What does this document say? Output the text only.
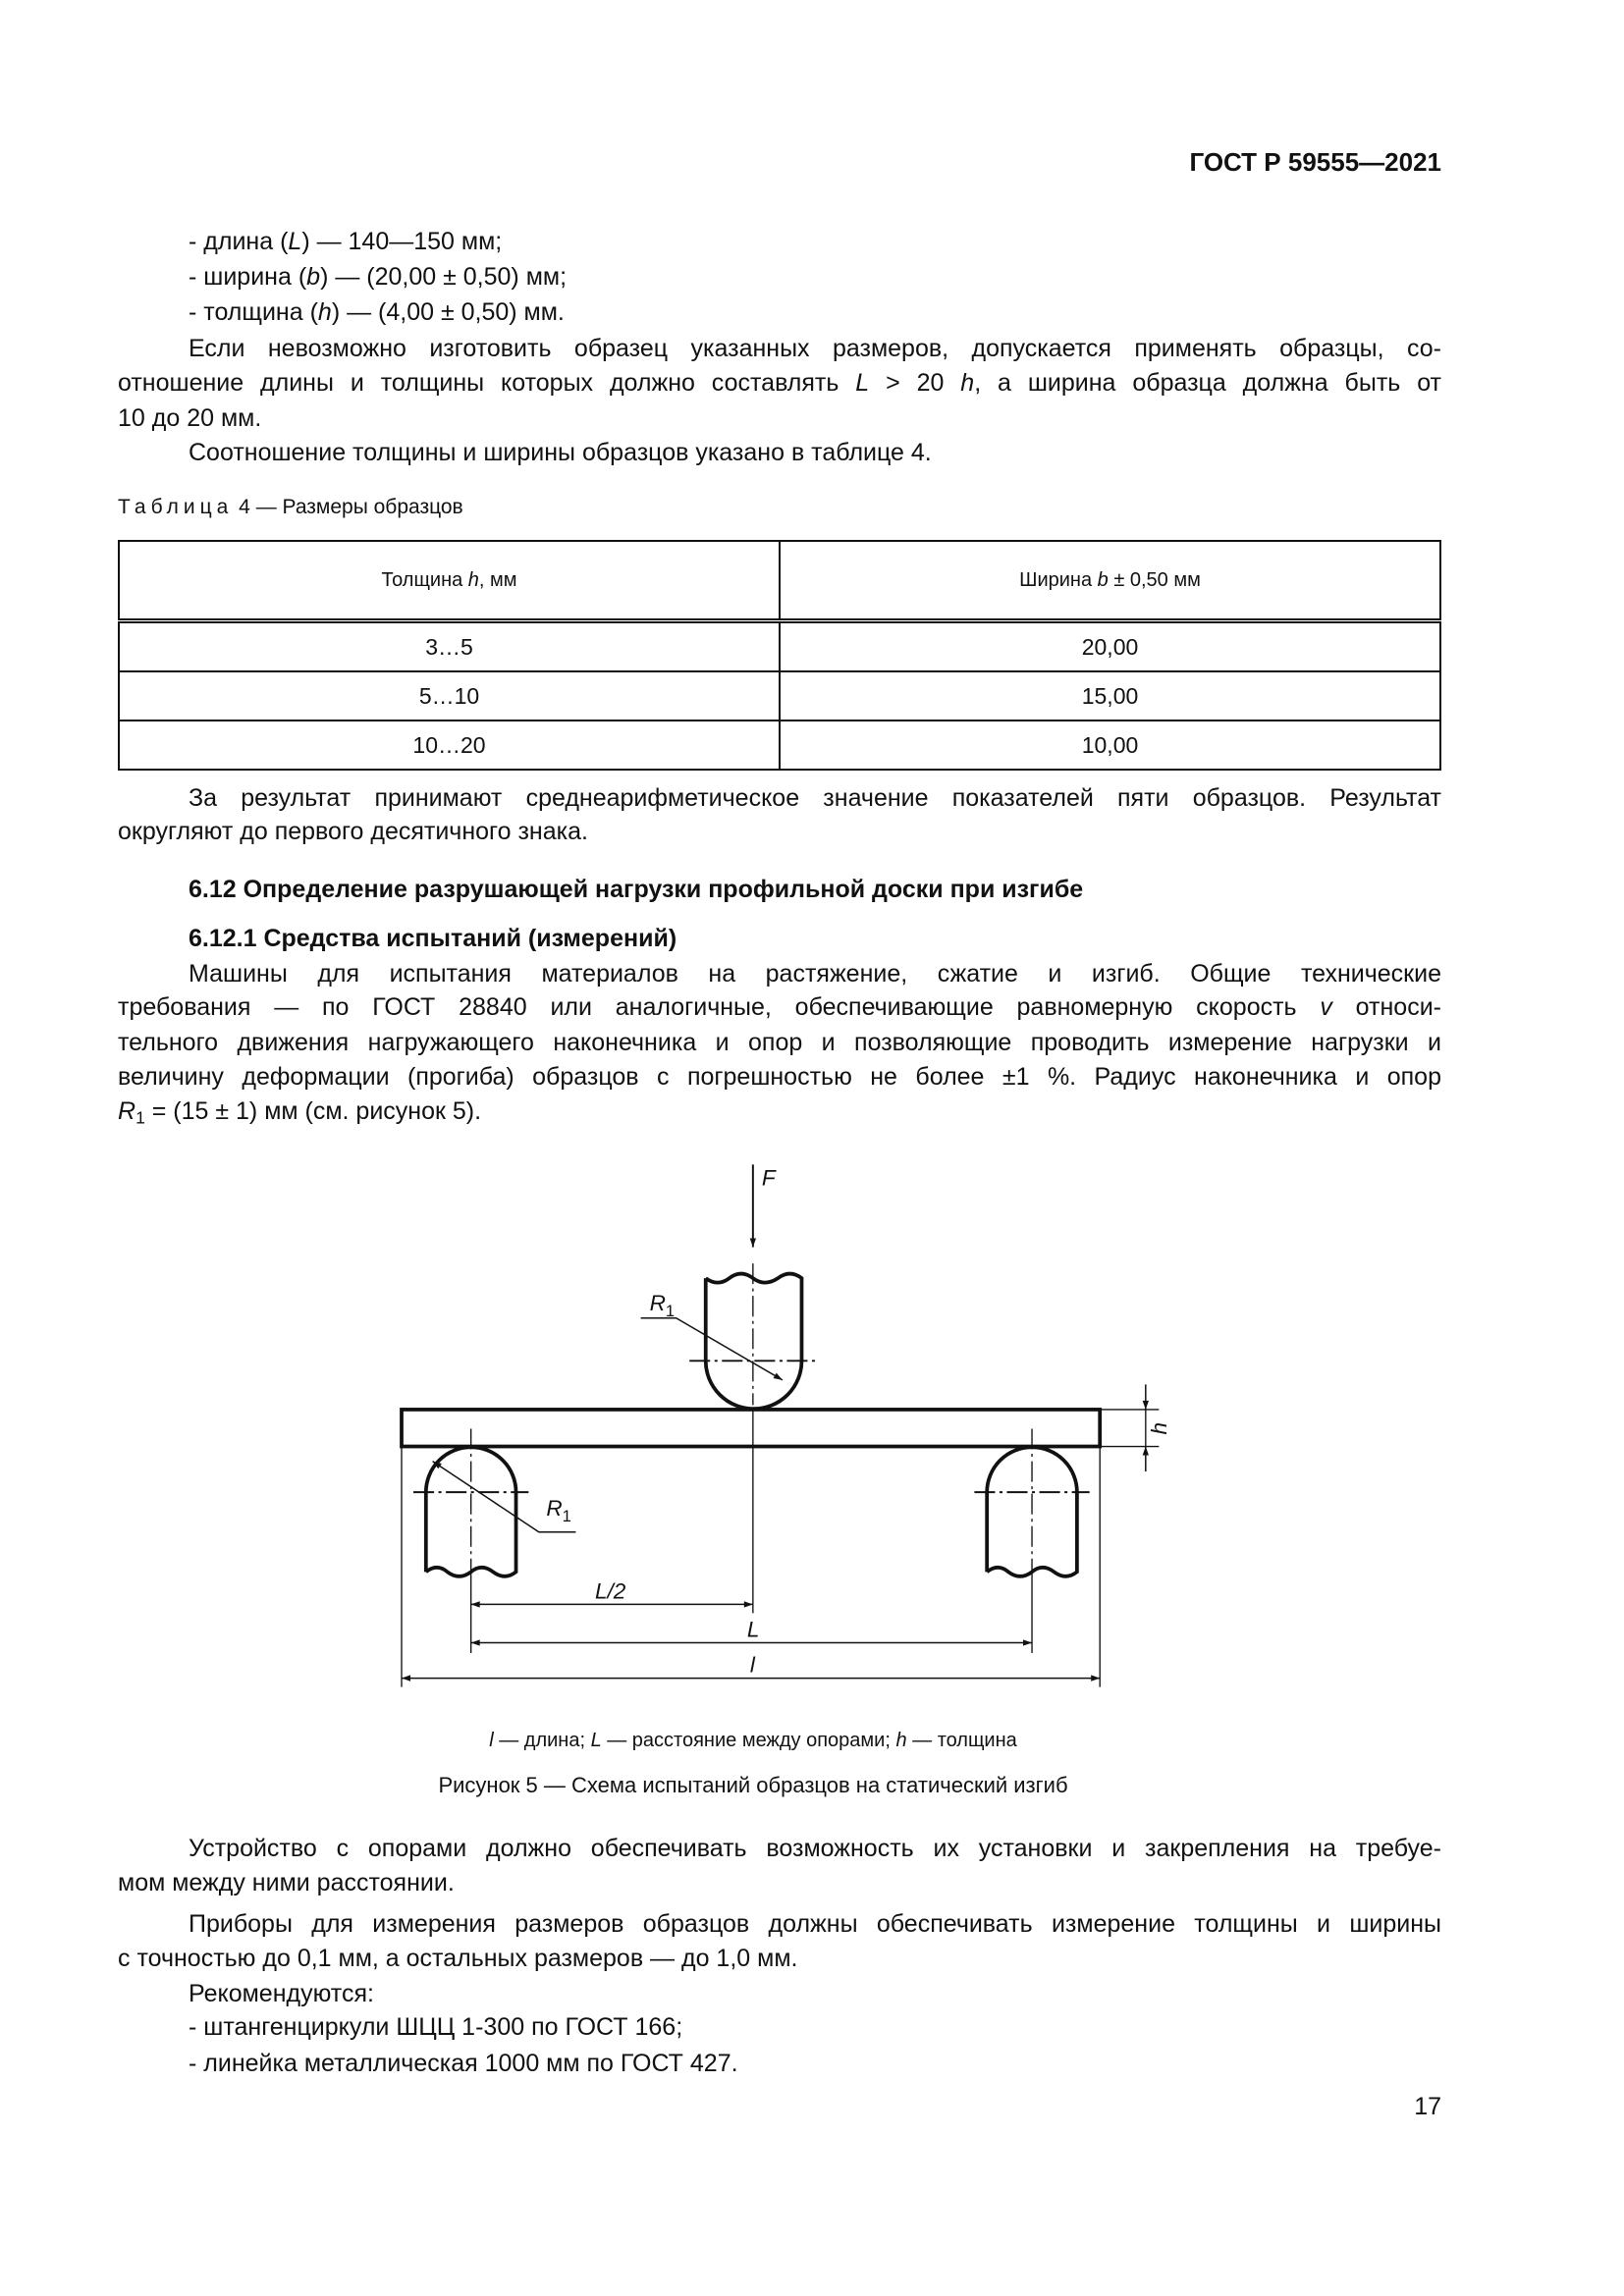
ГОСТ Р 59555—2021
- длина (L) — 140—150 мм;
- ширина (b) — (20,00 ± 0,50) мм;
- толщина (h) — (4,00 ± 0,50) мм.
Если невозможно изготовить образец указанных размеров, допускается применять образцы, со-
отношение длины и толщины которых должно составлять L > 20 h, а ширина образца должна быть от
10 до 20 мм.
Соотношение толщины и ширины образцов указано в таблице 4.
Таблица 4 — Размеры образцов
Толщина h, мм	Ширина b ± 0,50 мм
3…5	20,00
5…10	15,00
10…20	10,00
За результат принимают среднеарифметическое значение показателей пяти образцов. Результат
округляют до первого десятичного знака.
6.12 Определение разрушающей нагрузки профильной доски при изгибе
6.12.1 Средства испытаний (измерений)
Машины для испытания материалов на растяжение, сжатие и изгиб. Общие технические
требования — по ГОСТ 28840 или аналогичные, обеспечивающие равномерную скорость v относи-
тельного движения нагружающего наконечника и опор и позволяющие проводить измерение нагрузки и
величину деформации (прогиба) образцов с погрешностью не более ±1 %. Радиус наконечника и опор
$R_1 = (15 \pm 1)$ мм (см. рисунок 5).
F
$R_1$
$R_1$
L/2
L
l
h
l — длина; L — расстояние между опорами; h — толщина
Рисунок 5 — Схема испытаний образцов на статический изгиб
Устройство с опорами должно обеспечивать возможность их установки и закрепления на требуе-
мом между ними расстоянии.
Приборы для измерения размеров образцов должны обеспечивать измерение толщины и ширины
с точностью до 0,1 мм, а остальных размеров — до 1,0 мм.
Рекомендуются:
- штангенциркули ШЦЦ 1-300 по ГОСТ 166;
- линейка металлическая 1000 мм по ГОСТ 427.
17
